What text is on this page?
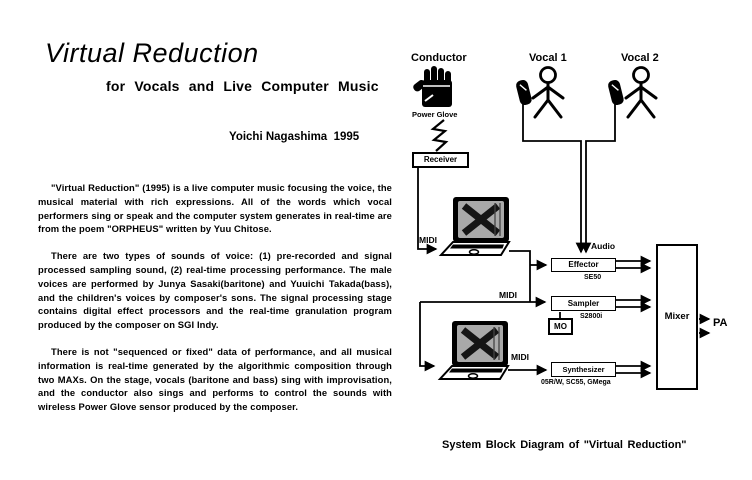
Virtual Reduction
for Vocals and Live Computer Music
Yoichi Nagashima  1995

"Virtual Reduction" (1995) is a live computer music focusing the voice, the musical material with rich expressions. All of the words which vocal performers sing or speak and the computer system generates in real-time are from the poem "ORPHEUS" written by Yuu Chitose.

There are two types of sounds of voice: (1) pre-recorded and signal processed sampling sound, (2) real-time processing performance. The male voices are performed by Junya Sasaki(baritone) and Yuuichi Takada(bass), and the children's voices by composer's sons. The signal processing stage contains digital effect processors and the real-time granulation program produced by the composer on SGI Indy.

There is not "sequenced or fixed" data of performance, and all musical information is real-time generated by the algorithmic composition through two MAXs. On the stage, vocals (baritone and bass) sing with improvisation, and the conductor also sings and performs to control the sounds with wireless Power Glove sensor produced by the composer.

System Block Diagram of "Virtual Reduction"
Conductor
Power Glove
Vocal 1	Vocal 2
Receiver
MIDI
MIDI
MIDI
Audio
Effector
SE50
Sampler
S2800i
MO
Synthesizer
05R/W, SC55, GMega
Mixer
PA
